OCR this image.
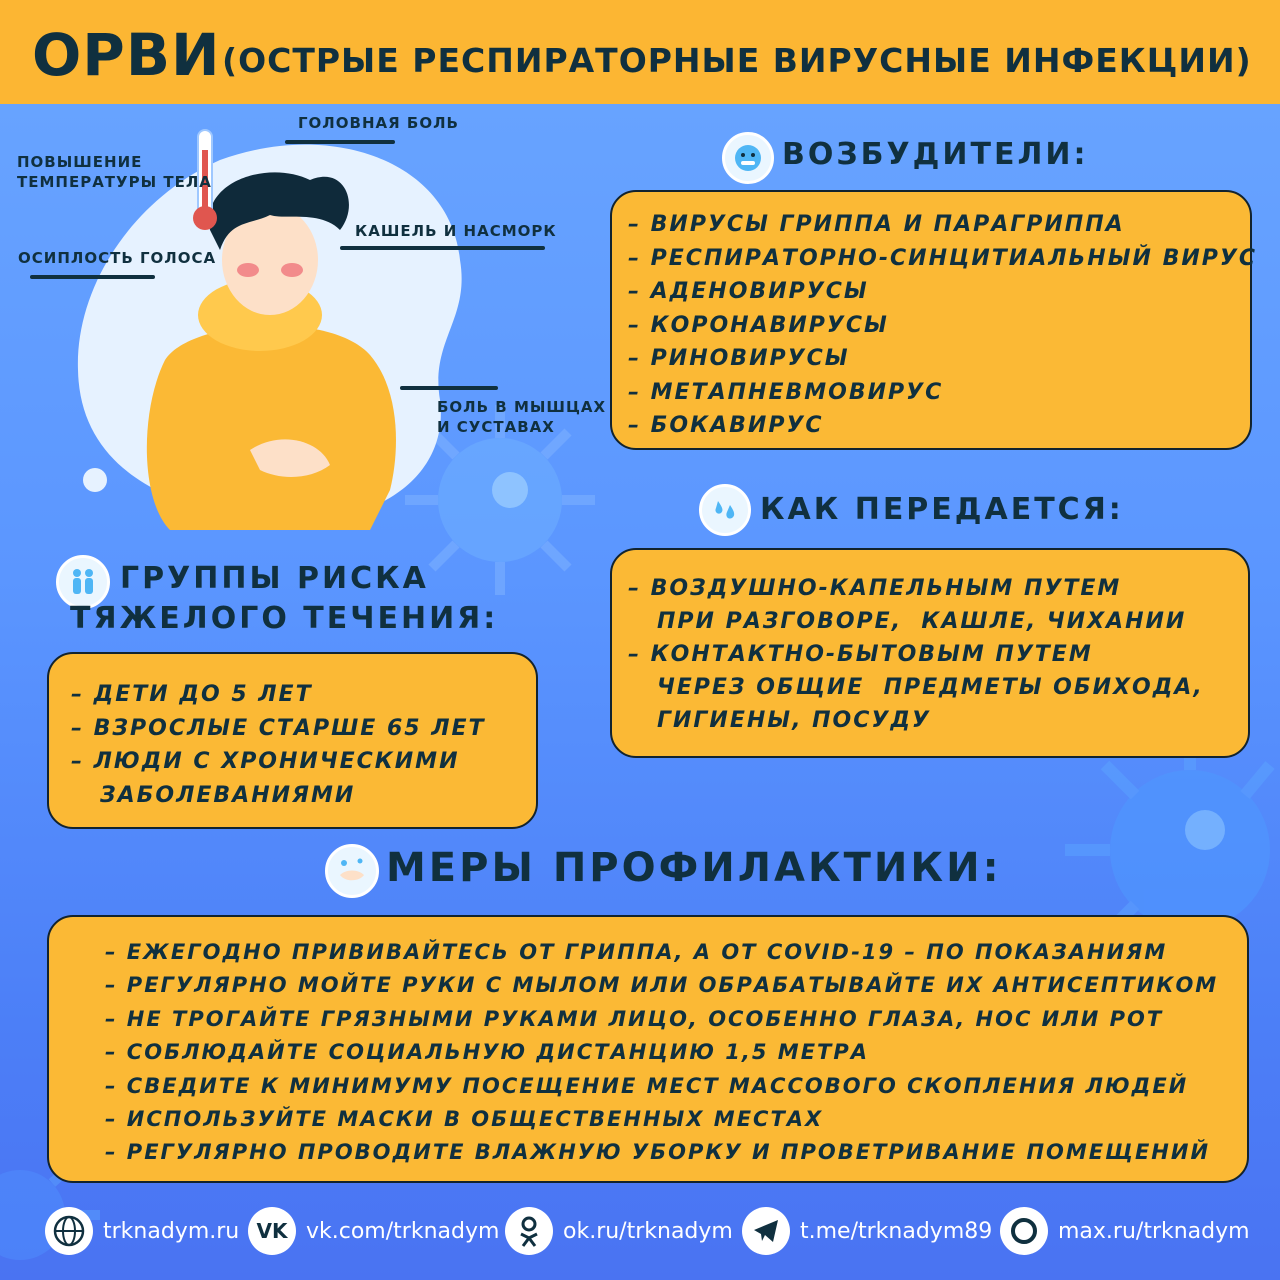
ОРВИ (ОСТРЫЕ РЕСПИРАТОРНЫЕ ВИРУСНЫЕ ИНФЕКЦИИ)
ГОЛОВНАЯ БОЛЬ
ПОВЫШЕНИЕ
ТЕМПЕРАТУРЫ ТЕЛА
КАШЕЛЬ И НАСМОРК
ОСИПЛОСТЬ ГОЛОСА
БОЛЬ В МЫШЦАХ
И СУСТАВАХ
ВОЗБУДИТЕЛИ:
– ВИРУСЫ ГРИППА И ПАРАГРИППА
– РЕСПИРАТОРНО-СИНЦИТИАЛЬНЫЙ ВИРУС
– АДЕНОВИРУСЫ
– КОРОНАВИРУСЫ
– РИНОВИРУСЫ
– МЕТАПНЕВМОВИРУС
– БОКАВИРУС
КАК ПЕРЕДАЕТСЯ:
– ВОЗДУШНО-КАПЕЛЬНЫМ ПУТЕМ
ПРИ РАЗГОВОРЕ,  КАШЛЕ, ЧИХАНИИ
– КОНТАКТНО-БЫТОВЫМ ПУТЕМ
ЧЕРЕЗ ОБЩИЕ  ПРЕДМЕТЫ ОБИХОДА,
ГИГИЕНЫ, ПОСУДУ
ГРУППЫ РИСКА
ТЯЖЕЛОГО ТЕЧЕНИЯ:
– ДЕТИ ДО 5 ЛЕТ
– ВЗРОСЛЫЕ СТАРШЕ 65 ЛЕТ
– ЛЮДИ С ХРОНИЧЕСКИМИ
ЗАБОЛЕВАНИЯМИ
МЕРЫ ПРОФИЛАКТИКИ:
– ЕЖЕГОДНО ПРИВИВАЙТЕСЬ ОТ ГРИППА, А ОТ COVID-19 – ПО ПОКАЗАНИЯМ
– РЕГУЛЯРНО МОЙТЕ РУКИ С МЫЛОМ ИЛИ ОБРАБАТЫВАЙТЕ ИХ АНТИСЕПТИКОМ
– НЕ ТРОГАЙТЕ ГРЯЗНЫМИ РУКАМИ ЛИЦО, ОСОБЕННО ГЛАЗА, НОС ИЛИ РОТ
– СОБЛЮДАЙТЕ СОЦИАЛЬНУЮ ДИСТАНЦИЮ 1,5 МЕТРА
– СВЕДИТЕ К МИНИМУМУ ПОСЕЩЕНИЕ МЕСТ МАССОВОГО СКОПЛЕНИЯ ЛЮДЕЙ
– ИСПОЛЬЗУЙТЕ МАСКИ В ОБЩЕСТВЕННЫХ МЕСТАХ
– РЕГУЛЯРНО ПРОВОДИТЕ ВЛАЖНУЮ УБОРКУ И ПРОВЕТРИВАНИЕ ПОМЕЩЕНИЙ
trknadym.ru VK vk.com/trknadym	ok.ru/trknadym	t.me/trknadym89	max.ru/trknadym
